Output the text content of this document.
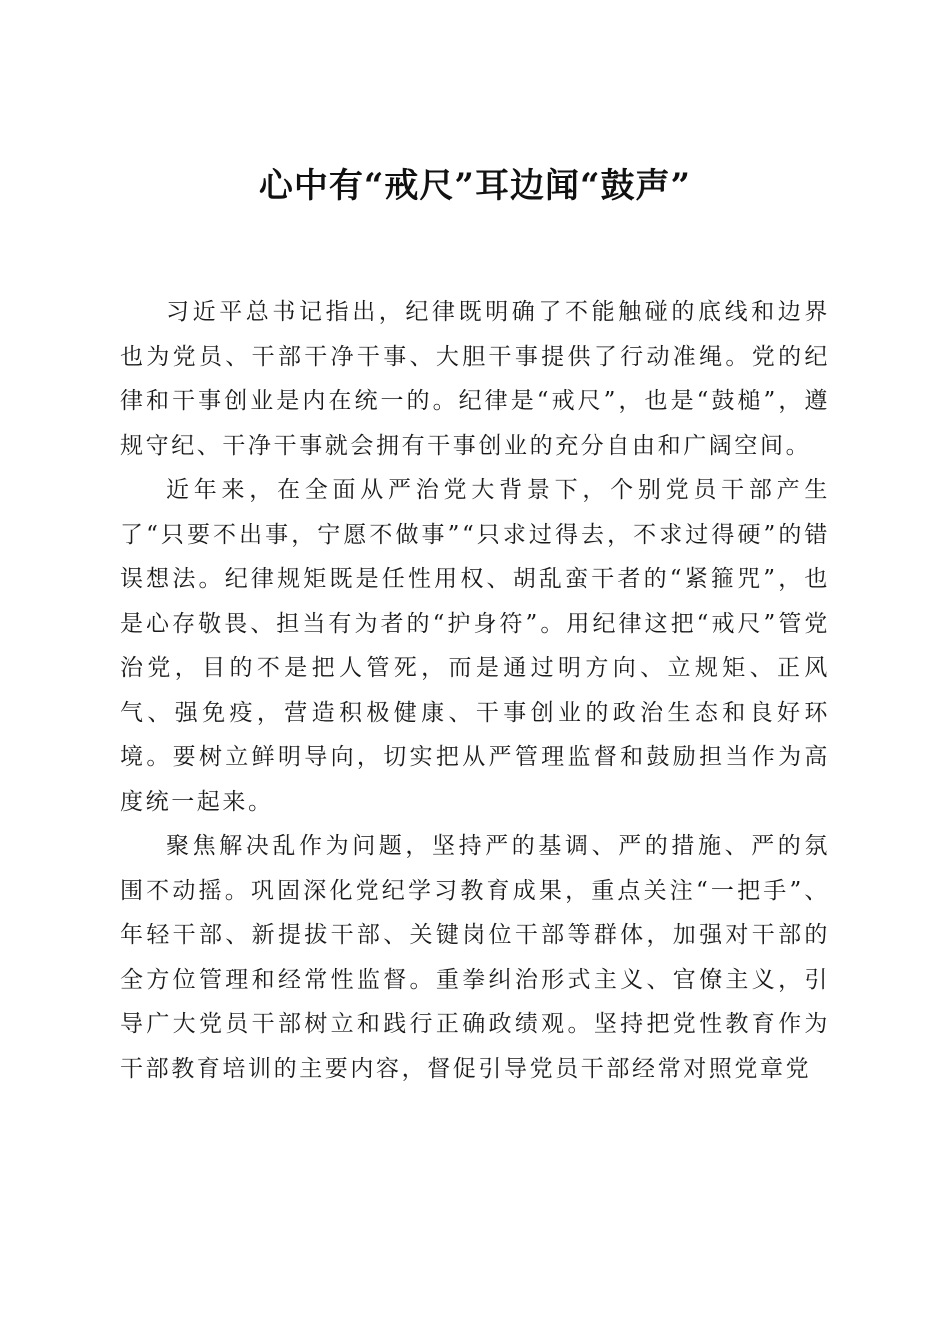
心中有“戒尺”耳边闻“鼓声”

习近平总书记指出，纪律既明确了不能触碰的底线和边界也为党员、干部干净干事、大胆干事提供了行动准绳。党的纪律和干事创业是内在统一的。纪律是“戒尺”，也是“鼓槌”，遵规守纪、干净干事就会拥有干事创业的充分自由和广阔空间。

近年来，在全面从严治党大背景下，个别党员干部产生了“只要不出事，宁愿不做事”“只求过得去，不求过得硬”的错误想法。纪律规矩既是任性用权、胡乱蛮干者的“紧箍咒”，也是心存敬畏、担当有为者的“护身符”。用纪律这把“戒尺”管党治党，目的不是把人管死，而是通过明方向、立规矩、正风气、强免疫，营造积极健康、干事创业的政治生态和良好环境。要树立鲜明导向，切实把从严管理监督和鼓励担当作为高度统一起来。

聚焦解决乱作为问题，坚持严的基调、严的措施、严的氛围不动摇。巩固深化党纪学习教育成果，重点关注“一把手”、年轻干部、新提拔干部、关键岗位干部等群体，加强对干部的全方位管理和经常性监督。重拳纠治形式主义、官僚主义，引导广大党员干部树立和践行正确政绩观。坚持把党性教育作为干部教育培训的主要内容，督促引导党员干部经常对照党章党
